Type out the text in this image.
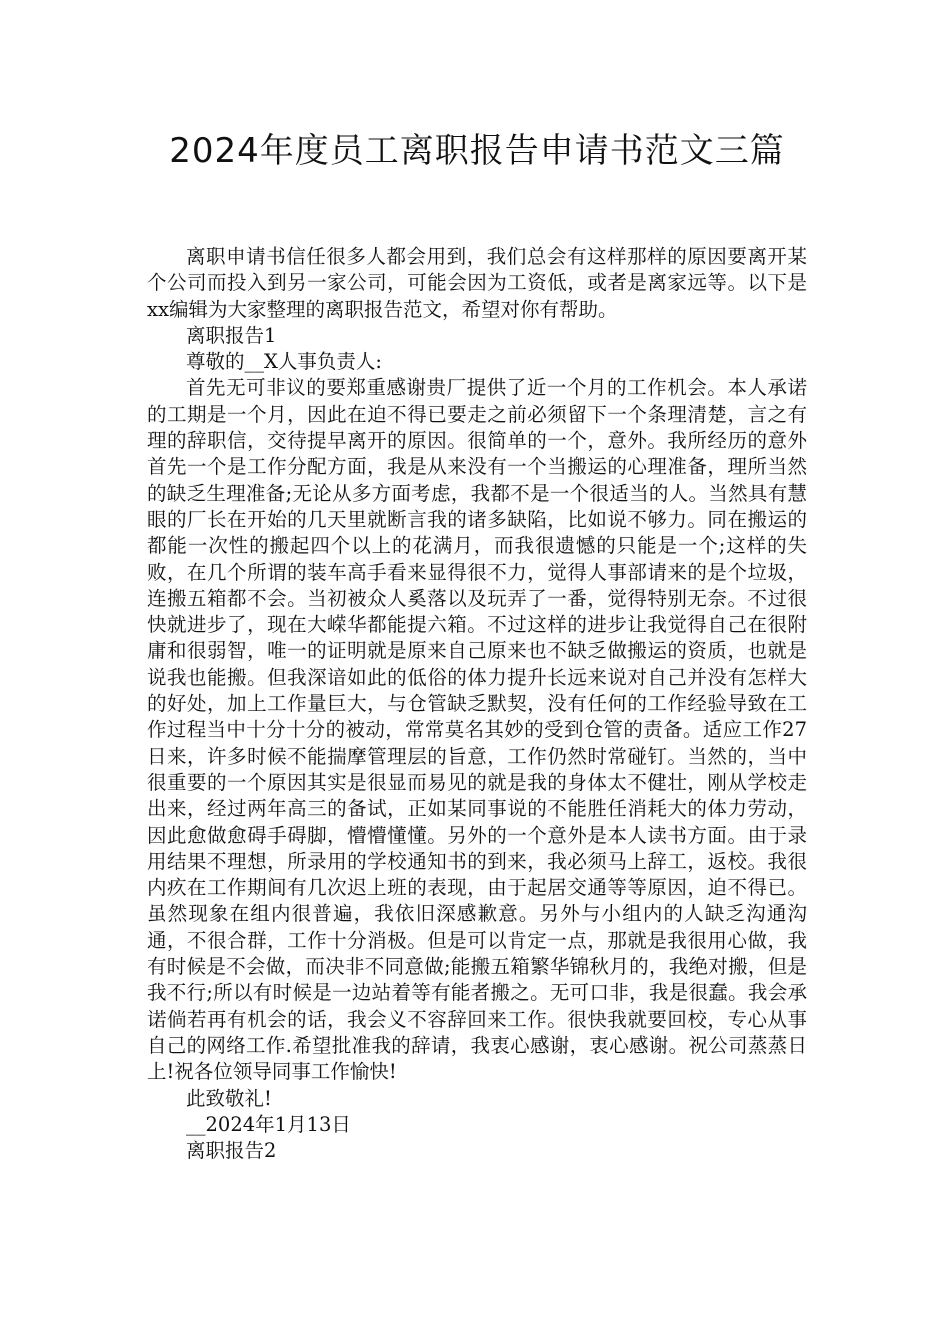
2024年度员工离职报告申请书范文三篇

离职申请书信任很多人都会用到，我们总会有这样那样的原因要离开某个公司而投入到另一家公司，可能会因为工资低，或者是离家远等。以下是xx编辑为大家整理的离职报告范文，希望对你有帮助。

离职报告1

尊敬的__X人事负责人:

首先无可非议的要郑重感谢贵厂提供了近一个月的工作机会。本人承诺的工期是一个月，因此在迫不得已要走之前必须留下一个条理清楚，言之有理的辞职信，交待提早离开的原因。很简单的一个，意外。我所经历的意外首先一个是工作分配方面，我是从来没有一个当搬运的心理准备，理所当然的缺乏生理准备;无论从多方面考虑，我都不是一个很适当的人。当然具有慧眼的厂长在开始的几天里就断言我的诸多缺陷，比如说不够力。同在搬运的都能一次性的搬起四个以上的花满月，而我很遗憾的只能是一个;这样的失败，在几个所谓的装车高手看来显得很不力，觉得人事部请来的是个垃圾，连搬五箱都不会。当初被众人奚落以及玩弄了一番，觉得特别无奈。不过很快就进步了，现在大嵘华都能提六箱。不过这样的进步让我觉得自己在很附庸和很弱智，唯一的证明就是原来自己原来也不缺乏做搬运的资质，也就是说我也能搬。但我深谙如此的低俗的体力提升长远来说对自己并没有怎样大的好处，加上工作量巨大，与仓管缺乏默契，没有任何的工作经验导致在工作过程当中十分十分的被动，常常莫名其妙的受到仓管的责备。适应工作27日来，许多时候不能揣摩管理层的旨意，工作仍然时常碰钉。当然的，当中很重要的一个原因其实是很显而易见的就是我的身体太不健壮，刚从学校走出来，经过两年高三的备试，正如某同事说的不能胜任消耗大的体力劳动，因此愈做愈碍手碍脚，懵懵懂懂。另外的一个意外是本人读书方面。由于录用结果不理想，所录用的学校通知书的到来，我必须马上辞工，返校。我很内疚在工作期间有几次迟上班的表现，由于起居交通等等原因，迫不得已。虽然现象在组内很普遍，我依旧深感歉意。另外与小组内的人缺乏沟通沟通，不很合群，工作十分消极。但是可以肯定一点，那就是我很用心做，我有时候是不会做，而决非不同意做;能搬五箱繁华锦秋月的，我绝对搬，但是我不行;所以有时候是一边站着等有能者搬之。无可口非，我是很蠢。我会承诺倘若再有机会的话，我会义不容辞回来工作。很快我就要回校，专心从事自己的网络工作.希望批准我的辞请，我衷心感谢，衷心感谢。祝公司蒸蒸日上!祝各位领导同事工作愉快!

此致敬礼!

__2024年1月13日

离职报告2
